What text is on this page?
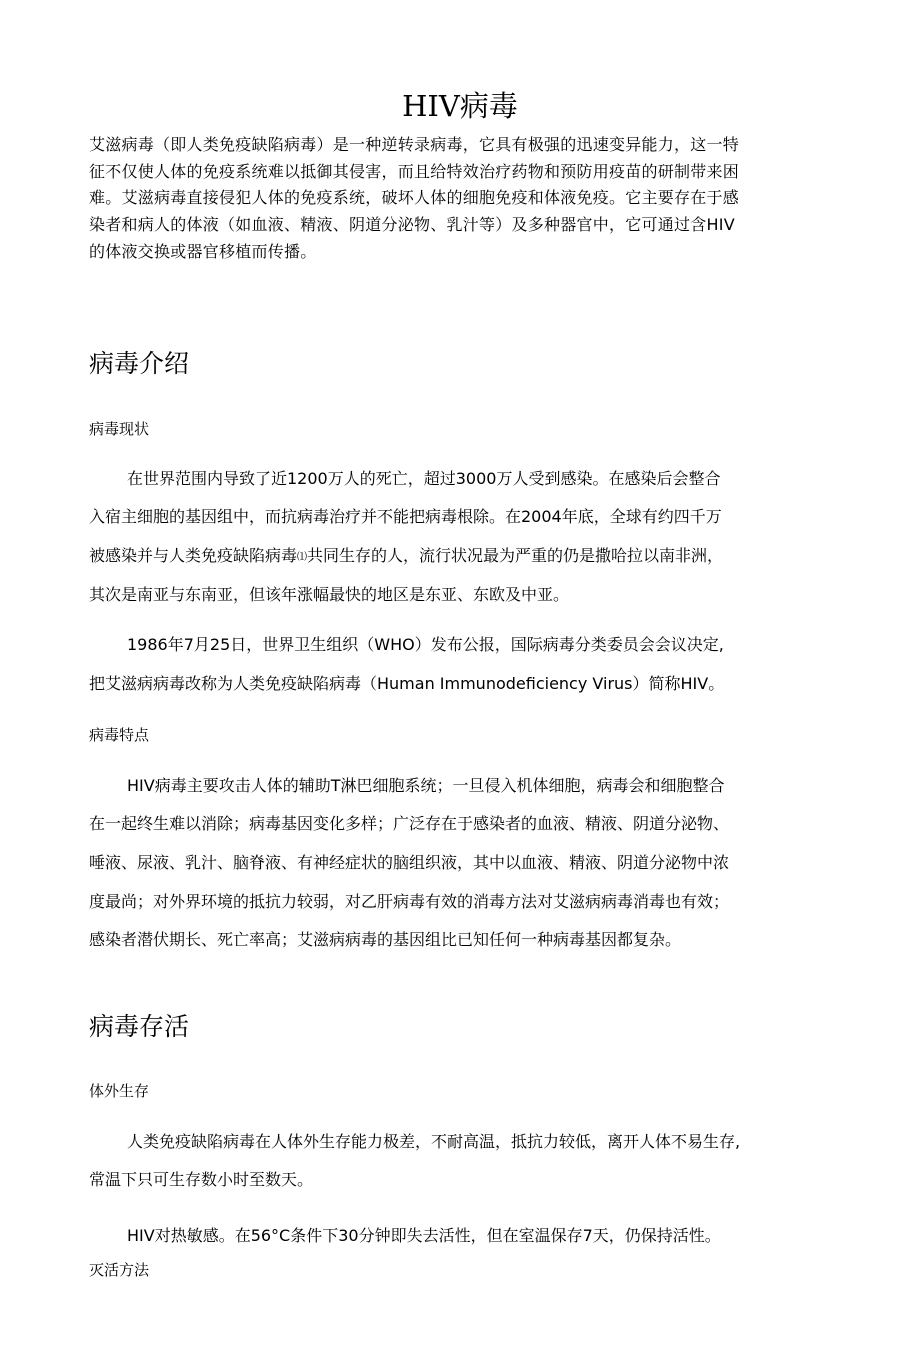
HIV病毒
艾滋病毒（即人类免疫缺陷病毒）是一种逆转录病毒，它具有极强的迅速变异能力，这一特
征不仅使人体的免疫系统难以抵御其侵害，而且给特效治疗药物和预防用疫苗的研制带来困
难。艾滋病毒直接侵犯人体的免疫系统，破坏人体的细胞免疫和体液免疫。它主要存在于感
染者和病人的体液（如血液、精液、阴道分泌物、乳汁等）及多种器官中，它可通过含HIV
的体液交换或器官移植而传播。
病毒介绍
病毒现状
在世界范围内导致了近1200万人的死亡，超过3000万人受到感染。在感染后会整合
入宿主细胞的基因组中，而抗病毒治疗并不能把病毒根除。在2004年底，全球有约四千万
被感染并与人类免疫缺陷病毒⑴共同生存的人，流行状况最为严重的仍是撒哈拉以南非洲，
其次是南亚与东南亚，但该年涨幅最快的地区是东亚、东欧及中亚。
1986年7月25日，世界卫生组织（WHO）发布公报，国际病毒分类委员会会议决定,
把艾滋病病毒改称为人类免疫缺陷病毒（Human Immunodeficiency Virus）简称HIV。
病毒特点
HIV病毒主要攻击人体的辅助T淋巴细胞系统；一旦侵入机体细胞，病毒会和细胞整合
在一起终生难以消除；病毒基因变化多样；广泛存在于感染者的血液、精液、阴道分泌物、
唾液、尿液、乳汁、脑脊液、有神经症状的脑组织液，其中以血液、精液、阴道分泌物中浓
度最尚；对外界环境的抵抗力较弱，对乙肝病毒有效的消毒方法对艾滋病病毒消毒也有效；
感染者潜伏期长、死亡率高；艾滋病病毒的基因组比已知任何一种病毒基因都复杂。
病毒存活
体外生存
人类免疫缺陷病毒在人体外生存能力极差，不耐高温，抵抗力较低，离开人体不易生存,
常温下只可生存数小时至数天。
HIV对热敏感。在56°C条件下30分钟即失去活性，但在室温保存7天，仍保持活性。
灭活方法
